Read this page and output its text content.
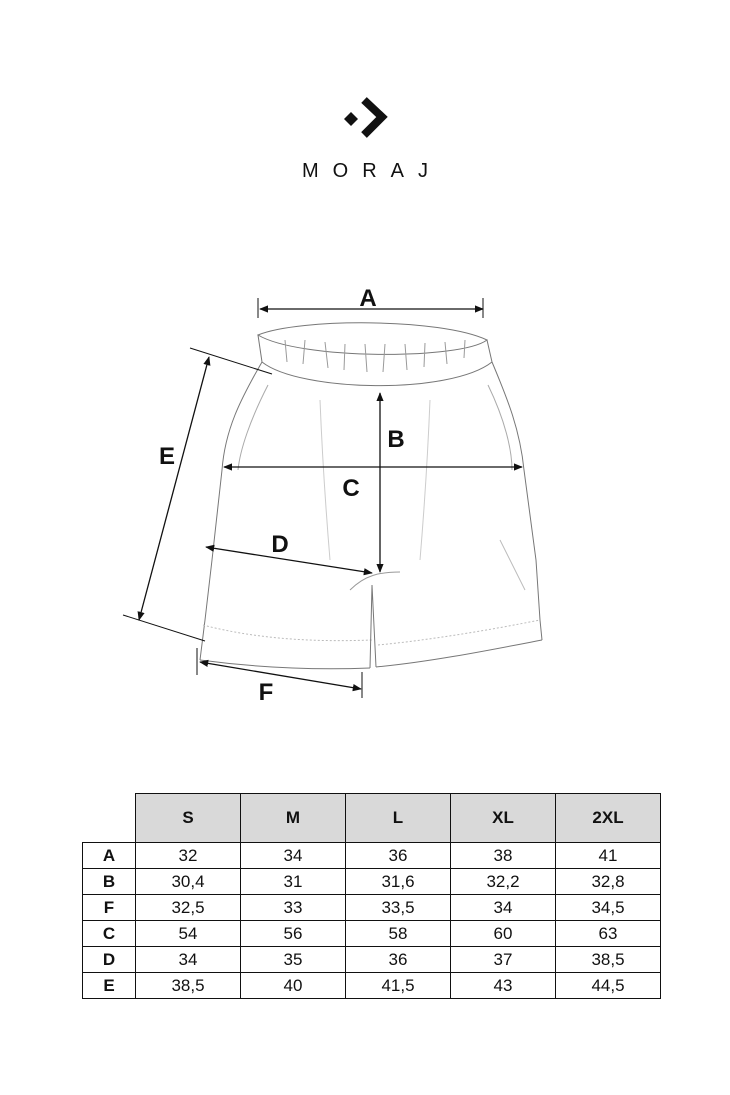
MORAJ
A
B
C
D
E
F
	S	M	L	XL	2XL
A	32	34	36	38	41
B	30,4	31	31,6	32,2	32,8
F	32,5	33	33,5	34	34,5
C	54	56	58	60	63
D	34	35	36	37	38,5
E	38,5	40	41,5	43	44,5
